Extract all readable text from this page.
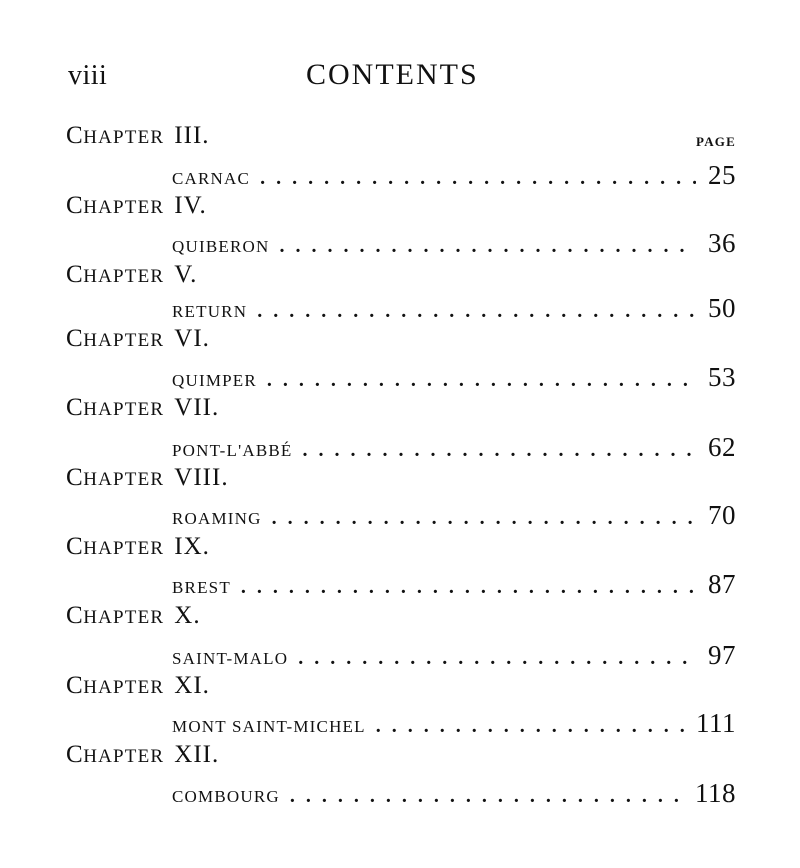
viii	CONTENTS
PAGE
CHAPTER III.
CARNAC . . .	25
CHAPTER IV.
QUIBERON . . .	36
CHAPTER V.
RETURN . . .	50
CHAPTER VI.
QUIMPER . . .	53
CHAPTER VII.
PONT-L'ABBÉ . . .	62
CHAPTER VIII.
ROAMING . . .	70
CHAPTER IX.
BREST . . .	87
CHAPTER X.
SAINT-MALO . . .	97
CHAPTER XI.
MONT SAINT-MICHEL . . .	111
CHAPTER XII.
COMBOURG . . .	118
